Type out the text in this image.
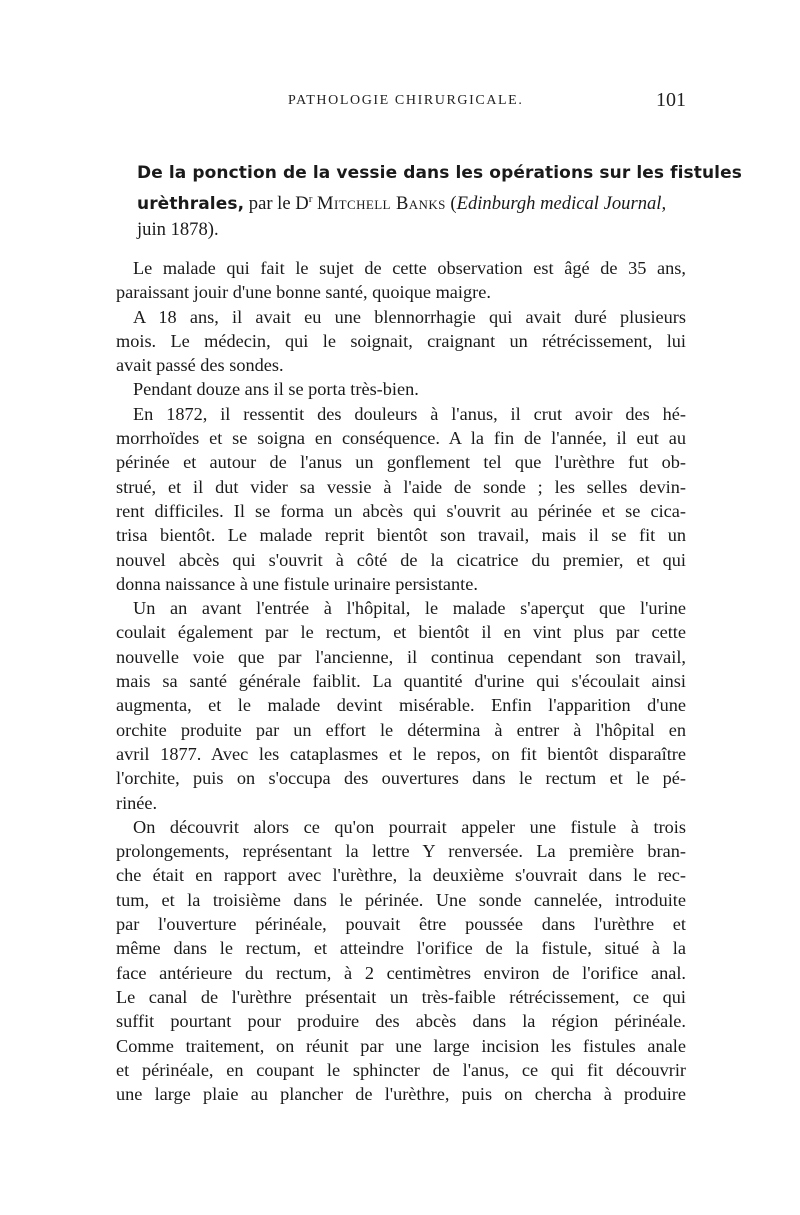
PATHOLOGIE CHIRURGICALE.	101
De la ponction de la vessie dans les opérations sur les fistules
urèthrales, par le $D^r$ Mitchell Banks (Edinburgh medical Journal,
juin 1878).
Le malade qui fait le sujet de cette observation est âgé de 35 ans,
paraissant jouir d'une bonne santé, quoique maigre.
A 18 ans, il avait eu une blennorrhagie qui avait duré plusieurs
mois. Le médecin, qui le soignait, craignant un rétrécissement, lui
avait passé des sondes.
Pendant douze ans il se porta très-bien.
En 1872, il ressentit des douleurs à l'anus, il crut avoir des hé-
morrhoïdes et se soigna en conséquence. A la fin de l'année, il eut au
périnée et autour de l'anus un gonflement tel que l'urèthre fut ob-
strué, et il dut vider sa vessie à l'aide de sonde ; les selles devin-
rent difficiles. Il se forma un abcès qui s'ouvrit au périnée et se cica-
trisa bientôt. Le malade reprit bientôt son travail, mais il se fit un
nouvel abcès qui s'ouvrit à côté de la cicatrice du premier, et qui
donna naissance à une fistule urinaire persistante.
Un an avant l'entrée à l'hôpital, le malade s'aperçut que l'urine
coulait également par le rectum, et bientôt il en vint plus par cette
nouvelle voie que par l'ancienne, il continua cependant son travail,
mais sa santé générale faiblit. La quantité d'urine qui s'écoulait ainsi
augmenta, et le malade devint misérable. Enfin l'apparition d'une
orchite produite par un effort le détermina à entrer à l'hôpital en
avril 1877. Avec les cataplasmes et le repos, on fit bientôt disparaître
l'orchite, puis on s'occupa des ouvertures dans le rectum et le pé-
rinée.
On découvrit alors ce qu'on pourrait appeler une fistule à trois
prolongements, représentant la lettre Y renversée. La première bran-
che était en rapport avec l'urèthre, la deuxième s'ouvrait dans le rec-
tum, et la troisième dans le périnée. Une sonde cannelée, introduite
par l'ouverture périnéale, pouvait être poussée dans l'urèthre et
même dans le rectum, et atteindre l'orifice de la fistule, situé à la
face antérieure du rectum, à 2 centimètres environ de l'orifice anal.
Le canal de l'urèthre présentait un très-faible rétrécissement, ce qui
suffit pourtant pour produire des abcès dans la région périnéale.
Comme traitement, on réunit par une large incision les fistules anale
et périnéale, en coupant le sphincter de l'anus, ce qui fit découvrir
une large plaie au plancher de l'urèthre, puis on chercha à produire
